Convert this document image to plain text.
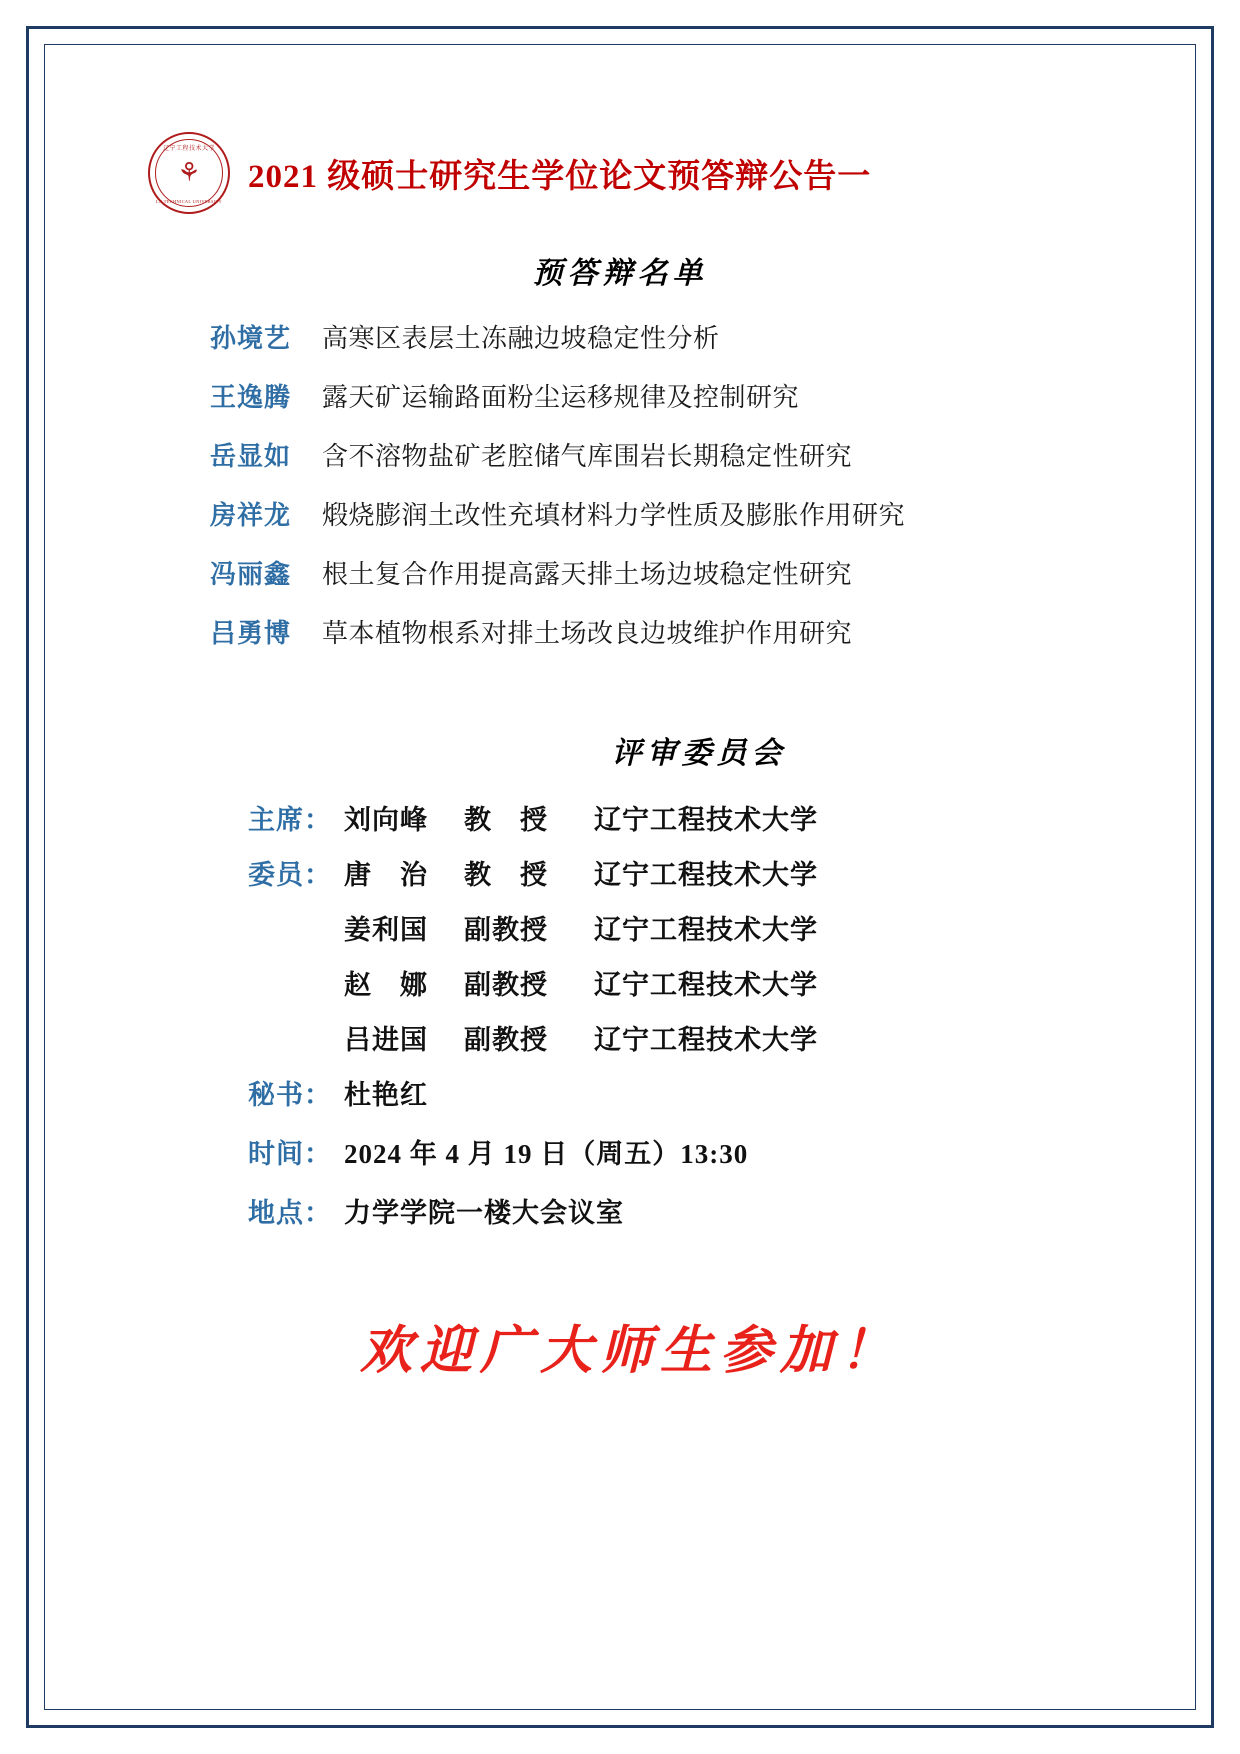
辽宁工程技术大学
⚘
LN TECHNICAL UNIVERSITY
2021 级硕士研究生学位论文预答辩公告一
预答辩名单
孙境艺	高寒区表层土冻融边坡稳定性分析
王逸腾	露天矿运输路面粉尘运移规律及控制研究
岳显如	含不溶物盐矿老腔储气库围岩长期稳定性研究
房祥龙	煅烧膨润土改性充填材料力学性质及膨胀作用研究
冯丽鑫	根土复合作用提高露天排土场边坡稳定性研究
吕勇博	草本植物根系对排土场改良边坡维护作用研究
评审委员会
主席： 刘向峰	教　授	辽宁工程技术大学
委员： 唐　治	教　授	辽宁工程技术大学
姜利国	副教授	辽宁工程技术大学
赵　娜	副教授	辽宁工程技术大学
吕进国	副教授	辽宁工程技术大学
秘书： 杜艳红
时间： 2024 年 4 月 19 日（周五）13:30
地点： 力学学院一楼大会议室
欢迎广大师生参加！
